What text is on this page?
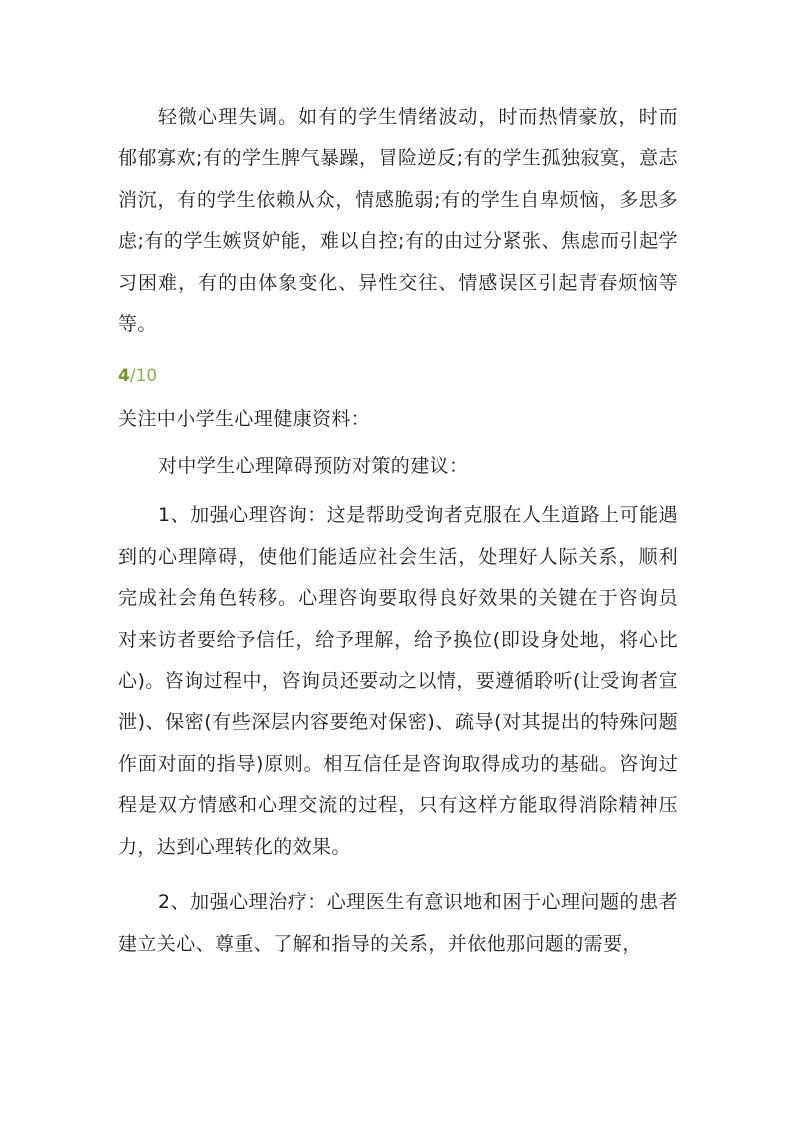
轻微心理失调。如有的学生情绪波动，时而热情豪放，时而郁郁寡欢;有的学生脾气暴躁，冒险逆反;有的学生孤独寂寞，意志消沉，有的学生依赖从众，情感脆弱;有的学生自卑烦恼，多思多虑;有的学生嫉贤妒能，难以自控;有的由过分紧张、焦虑而引起学习困难，有的由体象变化、异性交往、情感误区引起青春烦恼等等。

4/10

关注中小学生心理健康资料：

对中学生心理障碍预防对策的建议：

1、加强心理咨询：这是帮助受询者克服在人生道路上可能遇到的心理障碍，使他们能适应社会生活，处理好人际关系，顺利完成社会角色转移。心理咨询要取得良好效果的关键在于咨询员对来访者要给予信任，给予理解，给予换位(即设身处地，将心比心)。咨询过程中，咨询员还要动之以情，要遵循聆听(让受询者宣泄)、保密(有些深层内容要绝对保密)、疏导(对其提出的特殊问题作面对面的指导)原则。相互信任是咨询取得成功的基础。咨询过程是双方情感和心理交流的过程，只有这样方能取得消除精神压力，达到心理转化的效果。

2、加强心理治疗：心理医生有意识地和困于心理问题的患者建立关心、尊重、了解和指导的关系，并依他那问题的需要，
